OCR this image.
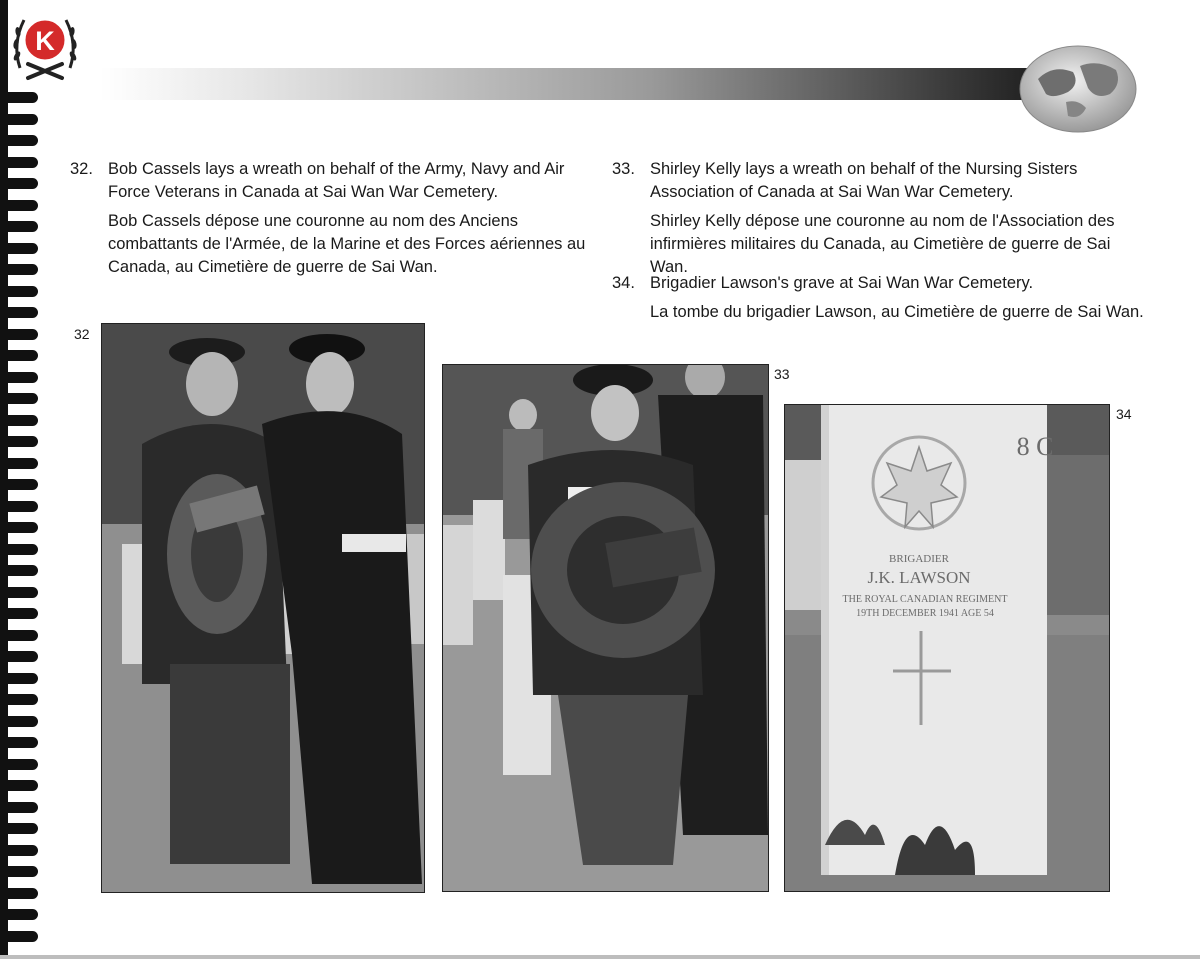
K
32. Bob Cassels lays a wreath on behalf of the Army, Navy and Air Force Veterans in Canada at Sai Wan War Cemetery.

Bob Cassels dépose une couronne au nom des Anciens combattants de l'Armée, de la Marine et des Forces aériennes au Canada, au Cimetière de guerre de Sai Wan.

33. Shirley Kelly lays a wreath on behalf of the Nursing Sisters Association of Canada at Sai Wan War Cemetery.

Shirley Kelly dépose une couronne au nom de l'Association des infirmières militaires du Canada, au Cimetière de guerre de Sai Wan.

34. Brigadier Lawson's grave at Sai Wan War Cemetery.

La tombe du brigadier Lawson, au Cimetière de guerre de Sai Wan.

32
33
34
8 C
BRIGADIER
J.K. LAWSON
THE ROYAL CANADIAN REGIMENT
19TH DECEMBER 1941 AGE 54
